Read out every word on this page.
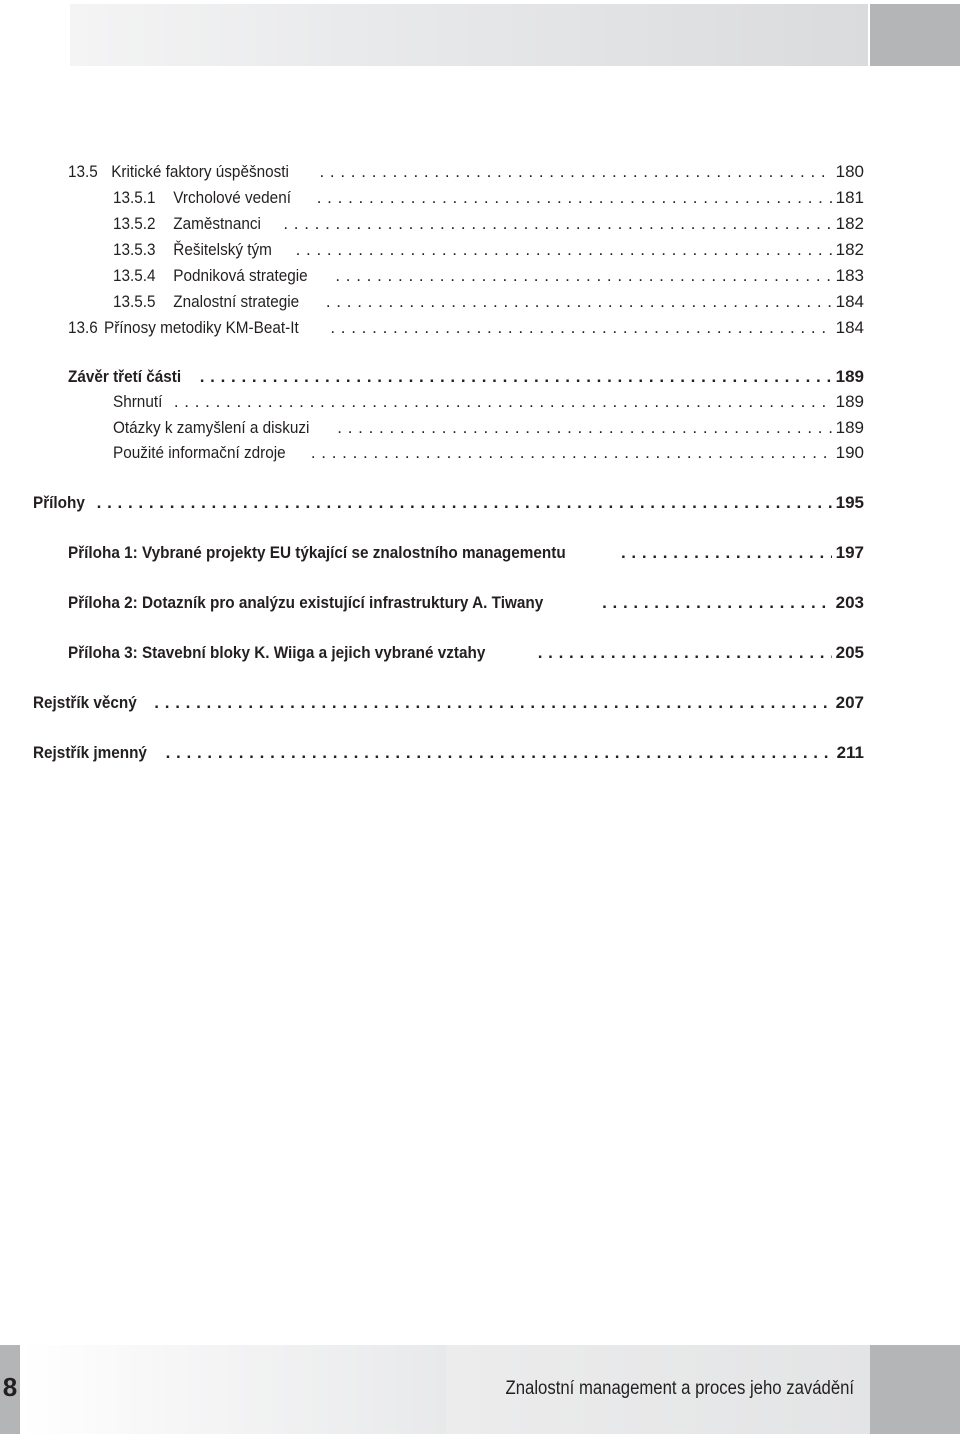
13.5 Kritické faktory úspěšnosti . . .	180
13.5.1 Vrcholové vedení . . .	181
13.5.2 Zaměstnanci . . .	182
13.5.3 Řešitelský tým . . .	182
13.5.4 Podniková strategie . . .	183
13.5.5 Znalostní strategie . . .	184
13.6 Přínosy metodiky KM-Beat-It . . .	184
Závěr třetí části . . .	189
Shrnutí . . .	189
Otázky k zamyšlení a diskuzi . . .	189
Použité informační zdroje . . .	190
Přílohy . . .	195
Příloha 1: Vybrané projekty EU týkající se znalostního managementu . . .	197
Příloha 2: Dotazník pro analýzu existující infrastruktury A. Tiwany . . .	203
Příloha 3: Stavební bloky K. Wiiga a jejich vybrané vztahy . . .	205
Rejstřík věcný . . .	207
Rejstřík jmenný . . .	211
8	Znalostní management a proces jeho zavádění
